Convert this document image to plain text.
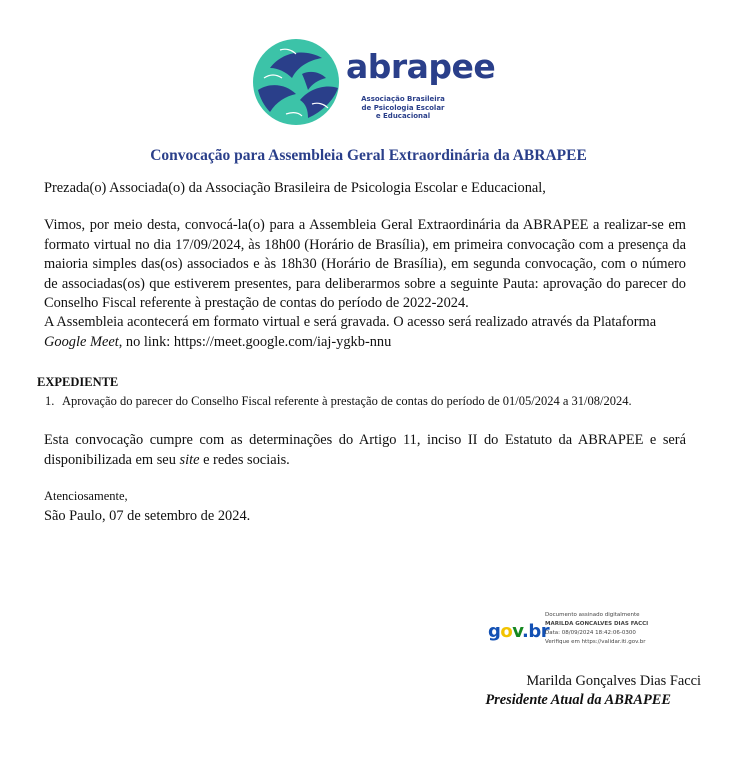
abrapee
Associação Brasileira
de Psicologia Escolar
e Educacional
Convocação para Assembleia Geral Extraordinária da ABRAPEE
Prezada(o) Associada(o) da Associação Brasileira de Psicologia Escolar e Educacional,
Vimos, por meio desta, convocá-la(o) para a Assembleia Geral Extraordinária da ABRAPEE a realizar-se em formato virtual no dia 17/09/2024, às 18h00 (Horário de Brasília), em primeira convocação com a presença da maioria simples das(os) associados e às 18h30 (Horário de Brasília), em segunda convocação, com o número de associadas(os) que estiverem presentes, para deliberarmos sobre a seguinte Pauta: aprovação do parecer do Conselho Fiscal referente à prestação de contas do período de 2022-2024.
A Assembleia acontecerá em formato virtual e será gravada. O acesso será realizado através da Plataforma
Google Meet, no link: https://meet.google.com/iaj-ygkb-nnu
EXPEDIENTE
1. Aprovação do parecer do Conselho Fiscal referente à prestação de contas do período de 01/05/2024 a 31/08/2024.
Esta convocação cumpre com as determinações do Artigo 11, inciso II do Estatuto da ABRAPEE e será disponibilizada em seu site e redes sociais.
Atenciosamente,
São Paulo, 07 de setembro de 2024.
gov.br
Documento assinado digitalmente
MARILDA GONCALVES DIAS FACCI
Data: 08/09/2024 18:42:06-0300
Verifique em https://validar.iti.gov.br
Marilda Gonçalves Dias Facci
Presidente Atual da ABRAPEE
